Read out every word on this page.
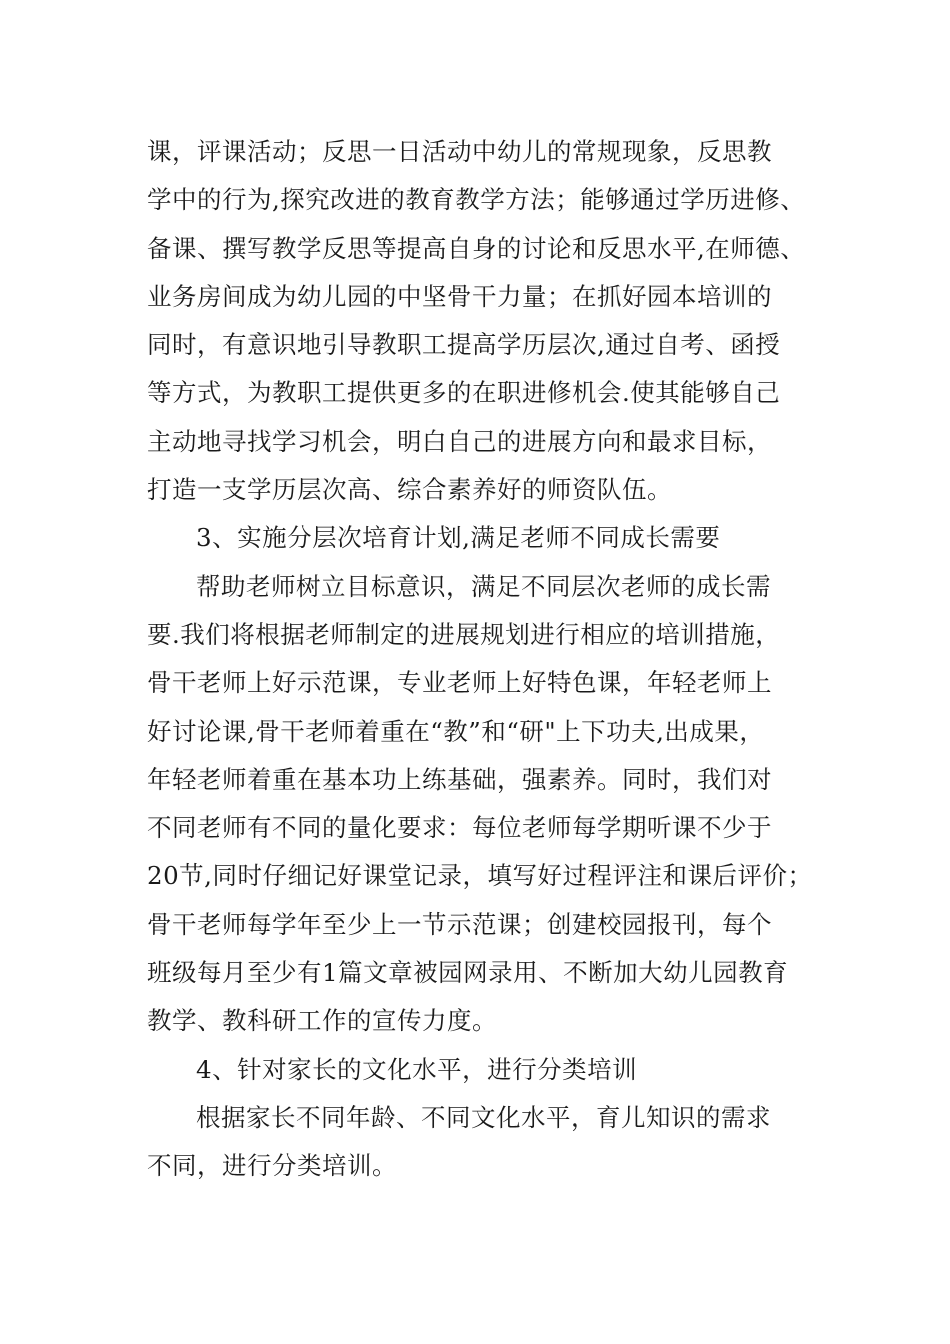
课，评课活动；反思一日活动中幼儿的常规现象，反思教
学中的行为,探究改进的教育教学方法；能够通过学历进修、
备课、撰写教学反思等提高自身的讨论和反思水平,在师德、
业务房间成为幼儿园的中坚骨干力量；在抓好园本培训的
同时，有意识地引导教职工提高学历层次,通过自考、函授
等方式，为教职工提供更多的在职进修机会.使其能够自己
主动地寻找学习机会，明白自己的进展方向和最求目标，
打造一支学历层次高、综合素养好的师资队伍。
3、实施分层次培育计划,满足老师不同成长需要
帮助老师树立目标意识，满足不同层次老师的成长需
要.我们将根据老师制定的进展规划进行相应的培训措施，
骨干老师上好示范课，专业老师上好特色课，年轻老师上
好讨论课,骨干老师着重在“教”和“研"上下功夫,出成果，
年轻老师着重在基本功上练基础，强素养。同时，我们对
不同老师有不同的量化要求：每位老师每学期听课不少于
20节,同时仔细记好课堂记录，填写好过程评注和课后评价；
骨干老师每学年至少上一节示范课；创建校园报刊，每个
班级每月至少有1篇文章被园网录用、不断加大幼儿园教育
教学、教科研工作的宣传力度。
4、针对家长的文化水平，进行分类培训
根据家长不同年龄、不同文化水平，育儿知识的需求
不同，进行分类培训。
